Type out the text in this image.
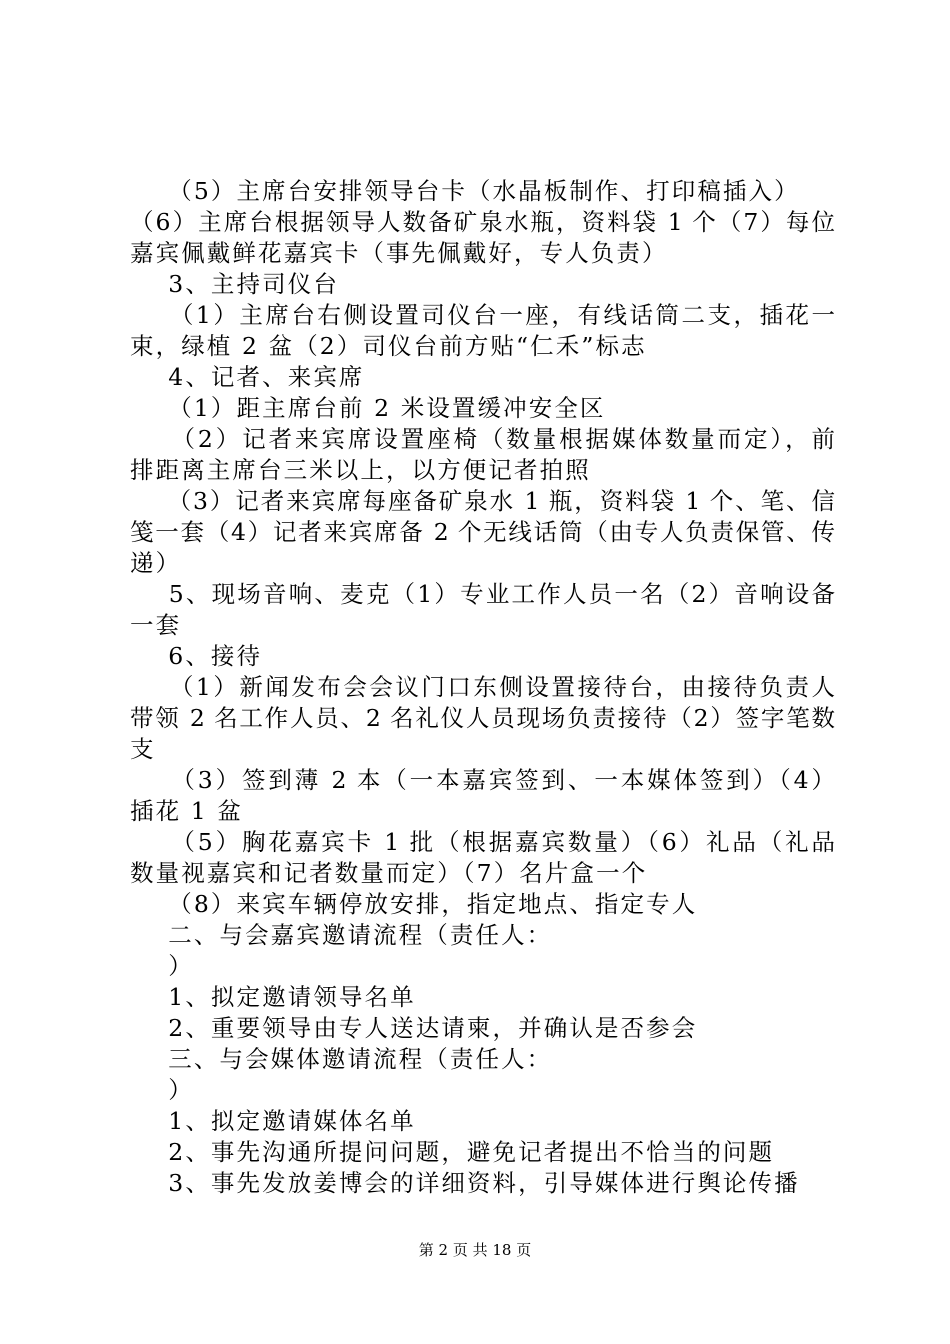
（5）主席台安排领导台卡（水晶板制作、打印稿插入）
（6）主席台根据领导人数备矿泉水瓶，资料袋 1 个（7）每位
嘉宾佩戴鲜花嘉宾卡（事先佩戴好，专人负责）
3、主持司仪台
（1）主席台右侧设置司仪台一座，有线话筒二支，插花一
束，绿植 2 盆（2）司仪台前方贴“仁禾”标志
4、记者、来宾席
（1）距主席台前 2 米设置缓冲安全区
（2）记者来宾席设置座椅（数量根据媒体数量而定），前
排距离主席台三米以上，以方便记者拍照
（3）记者来宾席每座备矿泉水 1 瓶，资料袋 1 个、笔、信
笺一套（4）记者来宾席备 2 个无线话筒（由专人负责保管、传
递）
5、现场音响、麦克（1）专业工作人员一名（2）音响设备
一套
6、接待
（1）新闻发布会会议门口东侧设置接待台，由接待负责人
带领 2 名工作人员、2 名礼仪人员现场负责接待（2）签字笔数
支
（3）签到薄 2 本（一本嘉宾签到、一本媒体签到）（4）
插花 1 盆
（5）胸花嘉宾卡 1 批（根据嘉宾数量）（6）礼品（礼品
数量视嘉宾和记者数量而定）（7）名片盒一个
（8）来宾车辆停放安排，指定地点、指定专人
二、与会嘉宾邀请流程（责任人：
）
1、拟定邀请领导名单
2、重要领导由专人送达请柬，并确认是否参会
三、与会媒体邀请流程（责任人：
）
1、拟定邀请媒体名单
2、事先沟通所提问问题，避免记者提出不恰当的问题
3、事先发放姜博会的详细资料，引导媒体进行舆论传播
第 2 页 共 18 页
